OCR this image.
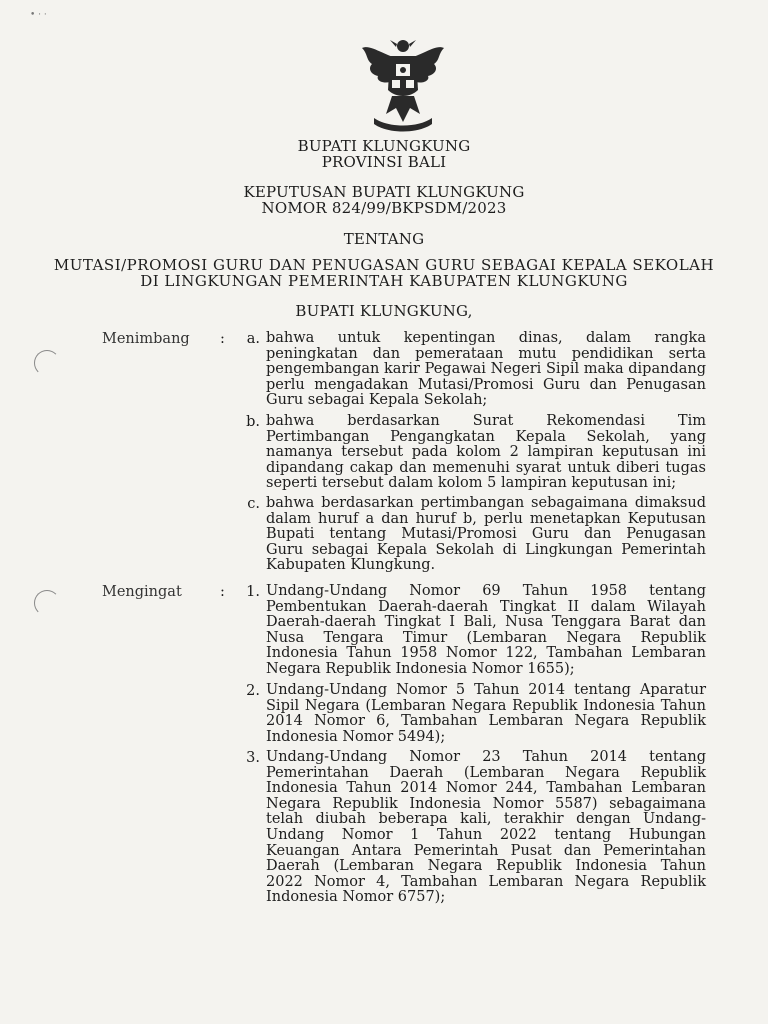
• · ·
BUPATI KLUNGKUNG
PROVINSI BALI
KEPUTUSAN BUPATI KLUNGKUNG
NOMOR 824/99/BKPSDM/2023
TENTANG
MUTASI/PROMOSI GURU DAN PENUGASAN GURU SEBAGAI KEPALA SEKOLAH
DI LINGKUNGAN PEMERINTAH KABUPATEN KLUNGKUNG
BUPATI KLUNGKUNG,
Menimbang :	a. bahwa untuk kepentingan dinas, dalam rangka
peningkatan dan pemerataan mutu pendidikan serta
pengembangan karir Pegawai Negeri Sipil maka dipandang
perlu mengadakan Mutasi/Promosi Guru dan Penugasan
Guru sebagai Kepala Sekolah;
b. bahwa berdasarkan Surat Rekomendasi Tim
Pertimbangan Pengangkatan Kepala Sekolah, yang
namanya tersebut pada kolom 2 lampiran keputusan ini
dipandang cakap dan memenuhi syarat untuk diberi tugas
seperti tersebut dalam kolom 5 lampiran keputusan ini;
c. bahwa berdasarkan pertimbangan sebagaimana dimaksud
dalam huruf a dan huruf b, perlu menetapkan Keputusan
Bupati tentang Mutasi/Promosi Guru dan Penugasan
Guru sebagai Kepala Sekolah di Lingkungan Pemerintah
Kabupaten Klungkung.
Mengingat	:	1. Undang-Undang Nomor 69 Tahun 1958 tentang
Pembentukan Daerah-daerah Tingkat II dalam Wilayah
Daerah-daerah Tingkat I Bali, Nusa Tenggara Barat dan
Nusa Tengara Timur (Lembaran Negara Republik
Indonesia Tahun 1958 Nomor 122, Tambahan Lembaran
Negara Republik Indonesia Nomor 1655);
2. Undang-Undang Nomor 5 Tahun 2014 tentang Aparatur
Sipil Negara (Lembaran Negara Republik Indonesia Tahun
2014 Nomor 6, Tambahan Lembaran Negara Republik
Indonesia Nomor 5494);
3. Undang-Undang Nomor 23 Tahun 2014 tentang
Pemerintahan Daerah (Lembaran Negara Republik
Indonesia Tahun 2014 Nomor 244, Tambahan Lembaran
Negara Republik Indonesia Nomor 5587) sebagaimana
telah diubah beberapa kali, terakhir dengan Undang-
Undang Nomor 1 Tahun 2022 tentang Hubungan
Keuangan Antara Pemerintah Pusat dan Pemerintahan
Daerah (Lembaran Negara Republik Indonesia Tahun
2022 Nomor 4, Tambahan Lembaran Negara Republik
Indonesia Nomor 6757);
